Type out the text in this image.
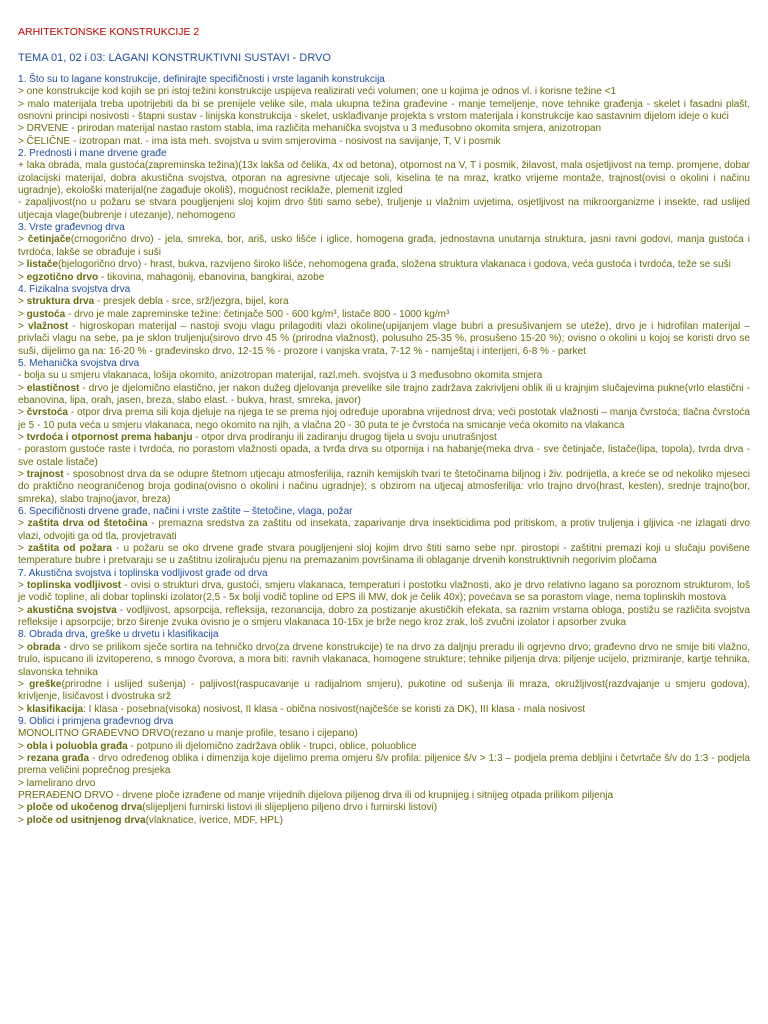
ARHITEKTONSKE KONSTRUKCIJE 2
TEMA 01, 02 i 03: LAGANI KONSTRUKTIVNI SUSTAVI - DRVO
1. Što su to lagane konstrukcije, definirajte specifičnosti i vrste laganih konstrukcija
> one konstrukcije kod kojih se pri istoj težini konstrukcije uspijeva realizirati veći volumen; one u kojima je odnos vl. i korisne težine <1
> malo materijala treba upotrijebiti da bi se prenijele velike sile, mala ukupna težina građevine - manje temeljenje, nove tehnike građenja - skelet i fasadni plašt, osnovni principi nosivosti - štapni sustav - linijska konstrukcija - skelet, usklađivanje projekta s vrstom materijala i konstrukcije kao sastavnim dijelom ideje o kući
> DRVENE - prirodan materijal nastao rastom stabla, ima različita mehanička svojstva u 3 međusobno okomita smjera, anizotropan
> ČELIČNE - izotropan mat. - ima ista meh. svojstva u svim smjerovima - nosivost na savijanje, T, V i posmik
2. Prednosti i mane drvene građe
+ laka obrada, mala gustoća(zapreminska težina)(13x lakša od čelika, 4x od betona), otpornost na V, T i posmik, žilavost, mala osjetljivost na temp. promjene, dobar izolacijski materijal, dobra akustična svojstva, otporan na agresivne utjecaje soli, kiselina te na mraz, kratko vrijeme montaže, trajnost(ovisi o okolini i načinu ugradnje), ekološki materijal(ne zagađuje okoliš), mogućnost reciklaže, plemenit izgled
- zapaljivost(no u požaru se stvara pougljenjeni sloj kojim drvo štiti samo sebe), truljenje u vlažnim uvjetima, osjetljivost na mikroorganizme i insekte, rad uslijed utjecaja vlage(bubrenje i utezanje), nehomogeno
3. Vrste građevnog drva
> četinjače(crnogorično drvo) - jela, smreka, bor, ariš, usko lišće i iglice, homogena građa, jednostavna unutarnja struktura, jasni ravni godovi, manja gustoća i tvrdoća, lakše se obrađuje i suši
> listače(bjelogorično drvo) - hrast, bukva, razvijeno široko lišće, nehomogena građa, složena struktura vlakanaca i godova, veća gustoća i tvrdoća, teže se suši
> egzotično drvo - tikovina, mahagonij, ebanovina, bangkirai, azobe
4. Fizikalna svojstva drva
> struktura drva - presjek debla - srce, srž/jezgra, bijel, kora
> gustoća - drvo je male zapreminske težine: četinjače 500 - 600 kg/m³, listače 800 - 1000 kg/m³
> vlažnost - higroskopan materijal – nastoji svoju vlagu prilagoditi vlazi okoline(upijanjem vlage bubri a presušivanjem se uteže), drvo je i hidrofilan materijal – privlači vlagu na sebe, pa je sklon truljenju(sirovo drvo 45 % (prirodna vlažnost), polusuho 25-35 %, prosušeno 15-20 %); ovisno o okolini u kojoj se koristi drvo se suši, dijelimo ga na: 16-20 % - građevinsko drvo, 12-15 % - prozore i vanjska vrata, 7-12 % - namještaj i interijeri, 6-8 % - parket
5. Mehanička svojstva drva
- bolja su u smjeru vlakanaca, lošija okomito, anizotropan materijal, razl.meh. svojstva u 3 međusobno okomita smjera
> elastičnost - drvo je djelomično elastično, jer nakon dužeg djelovanja prevelike sile trajno zadržava zakrivljeni oblik ili u krajnjim slučajevima pukne(vrlo elastični - ebanovina, lipa, orah, jasen, breza, slabo elast. - bukva, hrast, smreka, javor)
> čvrstoća - otpor drva prema sili koja djeluje na njega te se prema njoj određuje uporabna vrijednost drva; veći postotak vlažnosti – manja čvrstoća; tlačna čvrstoća je 5 - 10 puta veća u smjeru vlakanaca, nego okomito na njih, a vlačna 20 - 30 puta te je čvrstoća na smicanje veća okomito na vlakanca
> tvrdoća i otpornost prema habanju - otpor drva prodiranju ili zadiranju drugog tijela u svoju unutrašnjost
- porastom gustoće raste i tvrdoća, no porastom vlažnosti opada, a tvrđa drva su otpornija i na habanje(meka drva - sve četinjače, listače(lipa, topola), tvrda drva - sve ostale listače)
> trajnost - sposobnost drva da se odupre štetnom utjecaju atmosferilija, raznih kemijskih tvari te štetočinama biljnog i živ. podrijetla, a kreće se od nekoliko mjeseci do praktično neograničenog broja godina(ovisno o okolini i načinu ugradnje); s obzirom na utjecaj atmosferilija: vrlo trajno drvo(hrast, kesten), srednje trajno(bor, smreka), slabo trajno(javor, breza)
6. Specifičnosti drvene građe, načini i vrste zaštite – štetočine, vlaga, požar
> zaštita drva od štetočina - premazna sredstva za zaštitu od insekata, zaparivanje drva insekticidima pod pritiskom, a protiv truljenja i gljivica -ne izlagati drvo vlazi, odvojiti ga od tla, provjetravati
> zaštita od požara - u požaru se oko drvene građe stvara pougljenjeni sloj kojim drvo štiti samo sebe npr. pirostopi - zaštitni premazi koji u slučaju povišene temperature bubre i pretvaraju se u zaštitnu izolirajuću pjenu na premazanim površinama ili oblaganje drvenih konstruktivnih negorivim pločama
7. Akustična svojstva i toplinska vodljivost građe od drva
> toplinska vodljivost - ovisi o strukturi drva, gustoći, smjeru vlakanaca, temperaturi i postotku vlažnosti, ako je drvo relativno lagano sa poroznom strukturom, loš je vodič topline, ali dobar toplinski izolator(2,5 - 5x bolji vodič topline od EPS ili MW, dok je čelik 40x); povećava se sa porastom vlage, nema toplinskih mostova
> akustična svojstva - vodljivost, apsorpcija, refleksija, rezonancija, dobro za postizanje akustičkih efekata, sa raznim vrstama obloga, postižu se različita svojstva refleksije i apsorpcije; brzo širenje zvuka ovisno je o smjeru vlakanaca 10-15x je brže nego kroz zrak, loš zvučni izolator i apsorber zvuka
8. Obrada drva, greške u drvetu i klasifikacija
> obrada - drvo se prilikom sječe sortira na tehničko drvo(za drvene konstrukcije) te na drvo za daljnju preradu ili ogrjevno drvo; građevno drvo ne smije biti vlažno, trulo, ispucano ili izvitopereno, s mnogo čvorova, a mora biti: ravnih vlakanaca, homogene strukture; tehnike piljenja drva: piljenje ucijelo, prizmiranje, kartje tehnika, slavonska tehnika
> greške(prirodne i uslijed sušenja) - paljivost(raspucavanje u radijalnom smjeru), pukotine od sušenja ili mraza, okružljivost(razdvajanje u smjeru godova), krivljenje, lisičavost i dvostruka srž
> klasifikacija: I klasa - posebna(visoka) nosivost, II klasa - obična nosivost(najčešće se koristi za DK), III klasa - mala nosivost
9. Oblici i primjena građevnog drva
MONOLITNO GRAĐEVNO DRVO(rezano u manje profile, tesano i cijepano)
> obla i poluobla građa - potpuno ili djelomično zadržava oblik - trupci, oblice, poluoblice
> rezana građa - drvo određenog oblika i dimenzija koje dijelimo prema omjeru š/v profila: piljenice š/v > 1:3 – podjela prema debljini i četvrtače š/v do 1:3 - podjela prema veličini poprečnog presjeka
> lamelirano drvo
PRERAĐENO DRVO - drvene ploče izrađene od manje vrijednih dijelova piljenog drva ili od krupnijeg i sitnijeg otpada prilikom piljenja
> ploče od ukočenog drva(slijepljeni furnirski listovi ili slijepljeno piljeno drvo i furnirski listovi)
> ploče od usitnjenog drva(vlaknatice, iverice, MDF, HPL)
